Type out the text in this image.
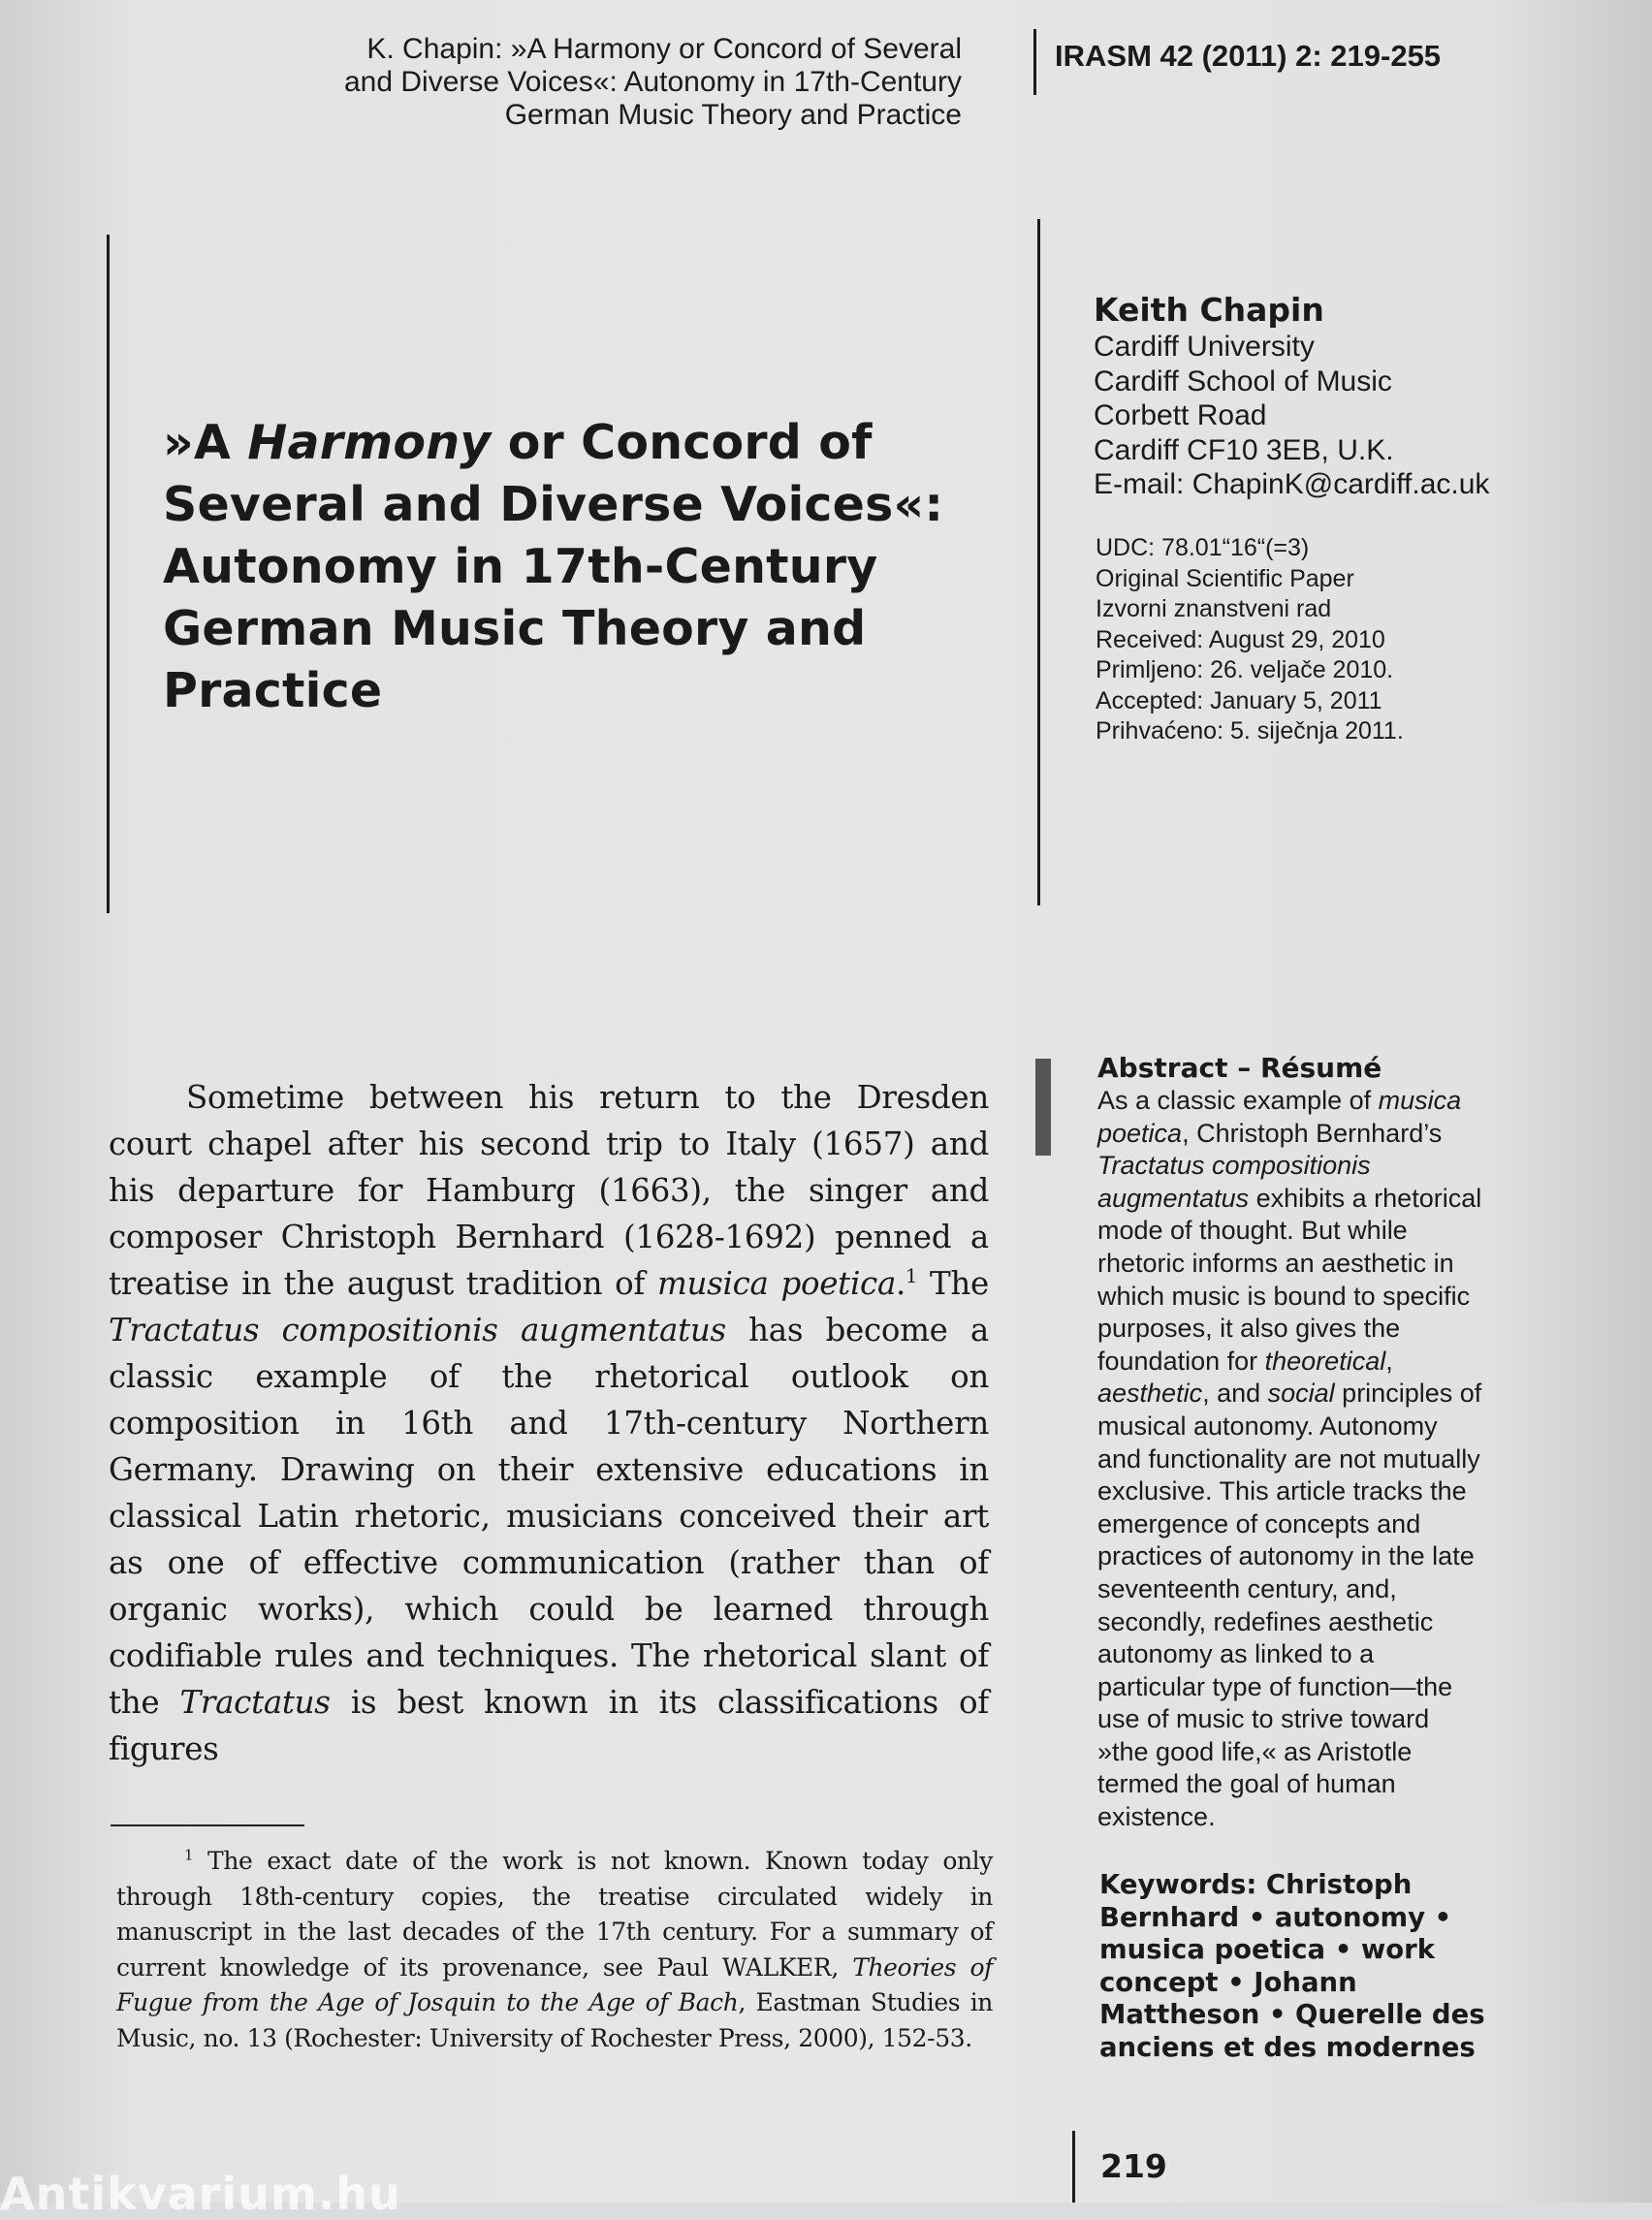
K. Chapin: »A Harmony or Concord of Several
and Diverse Voices«: Autonomy in 17th-Century
German Music Theory and Practice
IRASM 42 (2011) 2: 219-255
»A Harmony or Concord of Several and Diverse Voices«: Autonomy in 17th-Century German Music Theory and Practice
Keith Chapin
Cardiff University
Cardiff School of Music
Corbett Road
Cardiff CF10 3EB, U.K.
E-mail: ChapinK@cardiff.ac.uk
UDC: 78.01“16“(=3)
Original Scientific Paper
Izvorni znanstveni rad
Received: August 29, 2010
Primljeno: 26. veljače 2010.
Accepted: January 5, 2011
Prihvaćeno: 5. siječnja 2011.

Sometime between his return to the Dresden court chapel after his second trip to Italy (1657) and his departure for Hamburg (1663), the singer and composer Christoph Bernhard (1628-1692) penned a treatise in the august tradition of musica poetica.$^1$ The Tractatus compositionis augmentatus has become a classic example of the rhetorical outlook on composition in 16th and 17th-century Northern Germany. Drawing on their extensive educations in classical Latin rhetoric, musicians conceived their art as one of effective communication (rather than of organic works), which could be learned through codifiable rules and techniques. The rhetorical slant of the Tractatus is best known in its classifications of figures

$^1$ The exact date of the work is not known. Known today only through 18th-century copies, the treatise circulated widely in manuscript in the last decades of the 17th century. For a summary of current knowledge of its provenance, see Paul WALKER, Theories of Fugue from the Age of Josquin to the Age of Bach, Eastman Studies in Music, no. 13 (Rochester: University of Rochester Press, 2000), 152-53.

Abstract – Résumé
As a classic example of musica poetica, Christoph Bernhard’s Tractatus compositionis augmentatus exhibits a rhetorical mode of thought. But while rhetoric informs an aesthetic in which music is bound to specific purposes, it also gives the foundation for theoretical, aesthetic, and social principles of musical autonomy. Autonomy and functionality are not mutually exclusive. This article tracks the emergence of concepts and practices of autonomy in the late seventeenth century, and, secondly, redefines aesthetic autonomy as linked to a particular type of function—the use of music to strive toward »the good life,« as Aristotle termed the goal of human existence.
Keywords: Christoph Bernhard • autonomy • musica poetica • work concept • Johann Mattheson • Querelle des anciens et des modernes
219
Antikvarium.hu
